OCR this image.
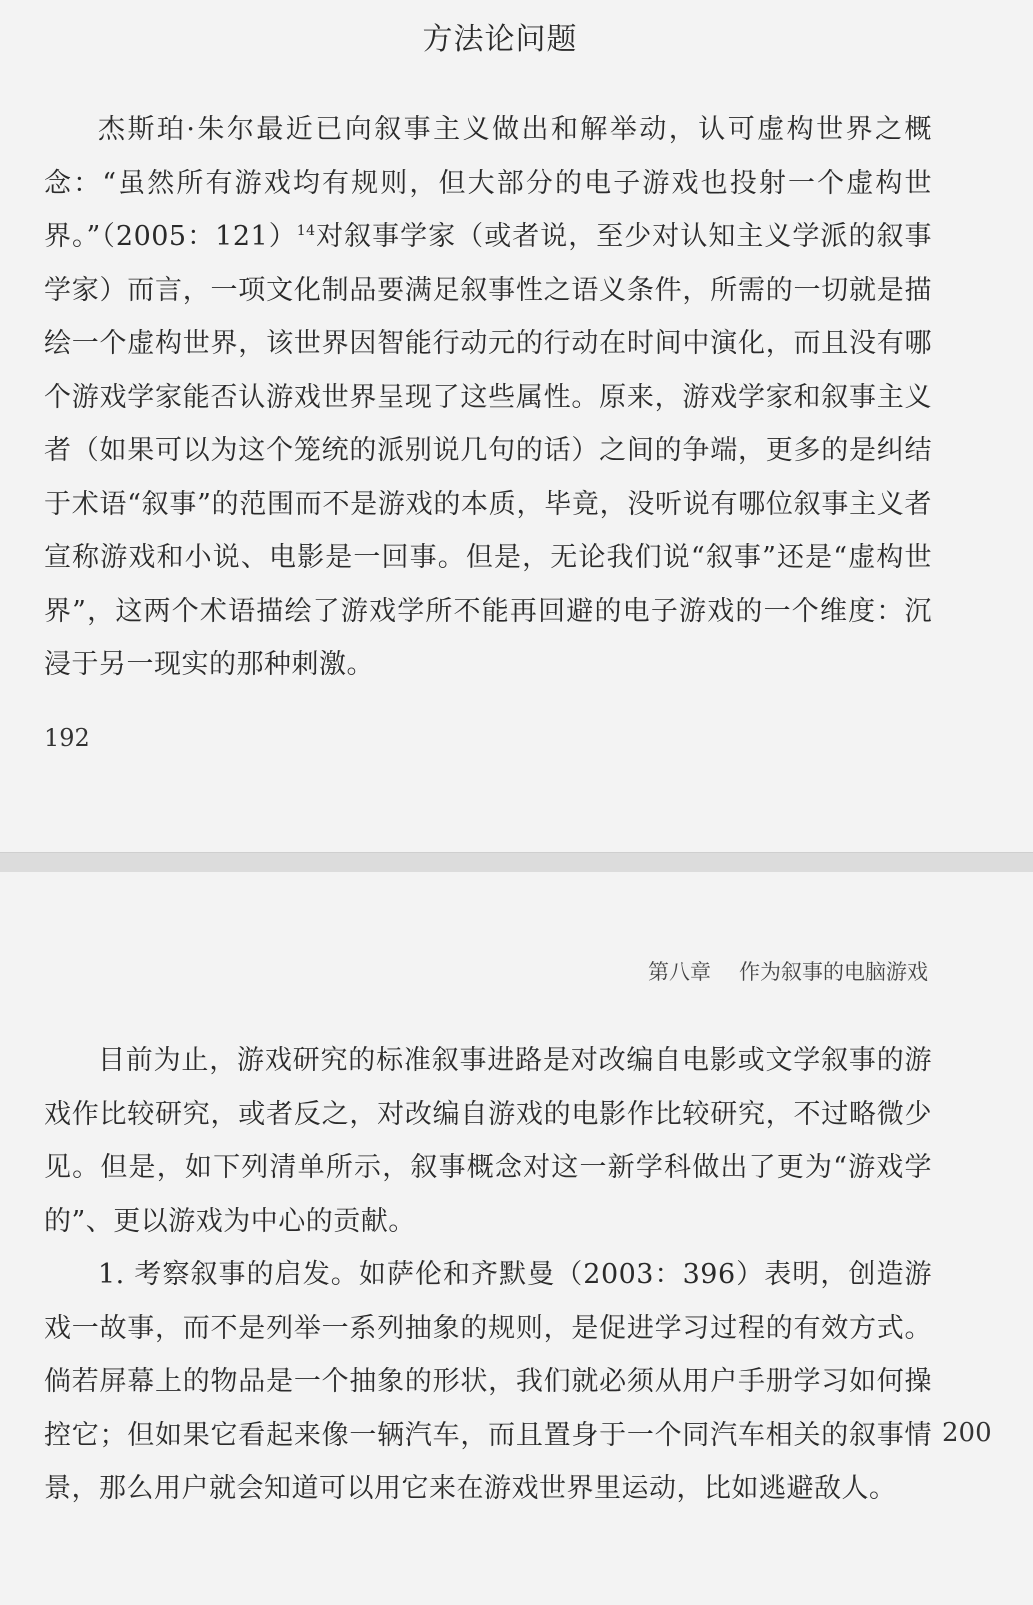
方法论问题

杰斯珀·朱尔最近已向叙事主义做出和解举动，认可虚构世界之概念：“虽然所有游戏均有规则，但大部分的电子游戏也投射一个虚构世界。”（2005：121）$^{14}$对叙事学家（或者说，至少对认知主义学派的叙事学家）而言，一项文化制品要满足叙事性之语义条件，所需的一切就是描绘一个虚构世界，该世界因智能行动元的行动在时间中演化，而且没有哪个游戏学家能否认游戏世界呈现了这些属性。原来，游戏学家和叙事主义者（如果可以为这个笼统的派别说几句的话）之间的争端，更多的是纠结于术语“叙事”的范围而不是游戏的本质，毕竟，没听说有哪位叙事主义者宣称游戏和小说、电影是一回事。但是，无论我们说“叙事”还是“虚构世界”，这两个术语描绘了游戏学所不能再回避的电子游戏的一个维度：沉浸于另一现实的那种刺激。

192
第八章 作为叙事的电脑游戏

目前为止，游戏研究的标准叙事进路是对改编自电影或文学叙事的游戏作比较研究，或者反之，对改编自游戏的电影作比较研究，不过略微少见。但是，如下列清单所示，叙事概念对这一新学科做出了更为“游戏学的”、更以游戏为中心的贡献。

1. 考察叙事的启发。如萨伦和齐默曼（2003：396）表明，创造游戏一故事，而不是列举一系列抽象的规则，是促进学习过程的有效方式。倘若屏幕上的物品是一个抽象的形状，我们就必须从用户手册学习如何操控它；但如果它看起来像一辆汽车，而且置身于一个同汽车相关的叙事情景，那么用户就会知道可以用它来在游戏世界里运动，比如逃避敌人。

200
